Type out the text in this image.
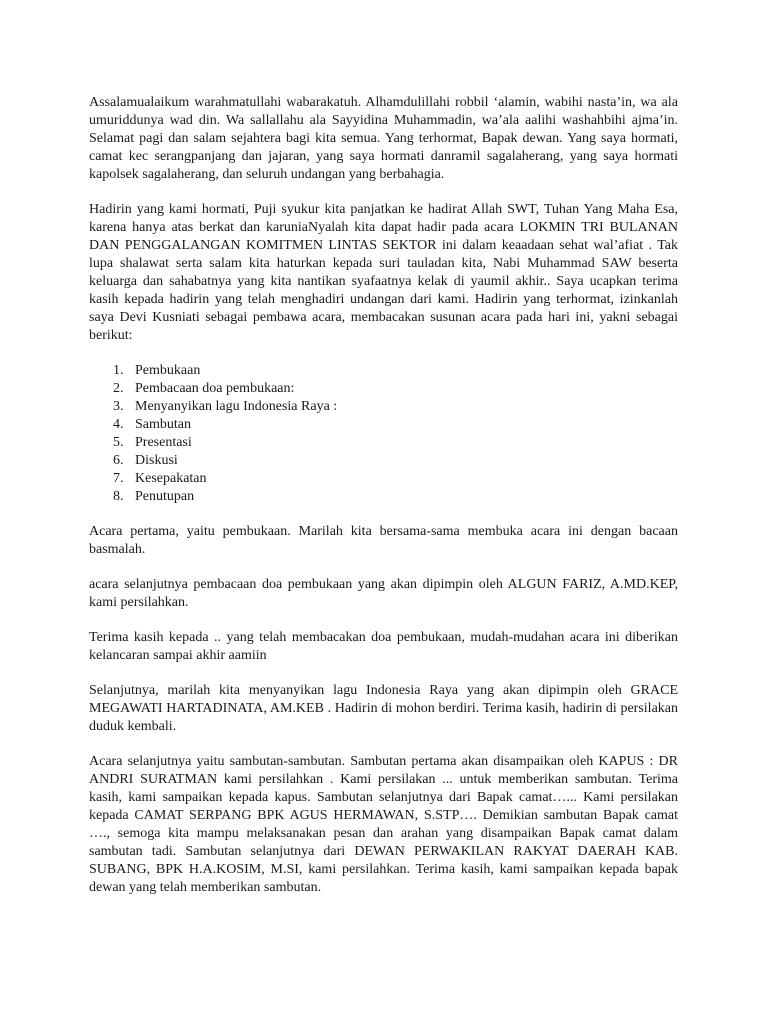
Assalamualaikum warahmatullahi wabarakatuh. Alhamdulillahi robbil ‘alamin, wabihi nasta’in, wa ala umuriddunya wad din. Wa sallallahu ala Sayyidina Muhammadin, wa’ala aalihi washahbihi ajma’in. Selamat pagi dan salam sejahtera bagi kita semua. Yang terhormat, Bapak dewan. Yang saya hormati, camat kec serangpanjang dan jajaran, yang saya hormati danramil sagalaherang, yang saya hormati kapolsek sagalaherang, dan seluruh undangan yang berbahagia.

Hadirin yang kami hormati, Puji syukur kita panjatkan ke hadirat Allah SWT, Tuhan Yang Maha Esa, karena hanya atas berkat dan karuniaNyalah kita dapat hadir pada acara LOKMIN TRI BULANAN DAN PENGGALANGAN KOMITMEN LINTAS SEKTOR ini dalam keaadaan sehat wal’afiat . Tak lupa shalawat serta salam kita haturkan kepada suri tauladan kita, Nabi Muhammad SAW beserta keluarga dan sahabatnya yang kita nantikan syafaatnya kelak di yaumil akhir.. Saya ucapkan terima kasih kepada hadirin yang telah menghadiri undangan dari kami. Hadirin yang terhormat, izinkanlah saya Devi Kusniati sebagai pembawa acara, membacakan susunan acara pada hari ini, yakni sebagai berikut:

1. Pembukaan
2. Pembacaan doa pembukaan:
3. Menyanyikan lagu Indonesia Raya :
4. Sambutan
5. Presentasi
6. Diskusi
7. Kesepakatan
8. Penutupan

Acara pertama, yaitu pembukaan. Marilah kita bersama-sama membuka acara ini dengan bacaan basmalah.

acara selanjutnya pembacaan doa pembukaan yang akan dipimpin oleh ALGUN FARIZ, A.MD.KEP, kami persilahkan.

Terima kasih kepada .. yang telah membacakan doa pembukaan, mudah-mudahan acara ini diberikan kelancaran sampai akhir aamiin

Selanjutnya, marilah kita menyanyikan lagu Indonesia Raya yang akan dipimpin oleh GRACE MEGAWATI HARTADINATA, AM.KEB . Hadirin di mohon berdiri. Terima kasih, hadirin di persilakan duduk kembali.

Acara selanjutnya yaitu sambutan-sambutan. Sambutan pertama akan disampaikan oleh KAPUS : DR ANDRI SURATMAN kami persilahkan . Kami persilakan ... untuk memberikan sambutan. Terima kasih, kami sampaikan kepada kapus. Sambutan selanjutnya dari Bapak camat…... Kami persilakan kepada CAMAT SERPANG BPK AGUS HERMAWAN, S.STP…. Demikian sambutan Bapak camat …., semoga kita mampu melaksanakan pesan dan arahan yang disampaikan Bapak camat dalam sambutan tadi. Sambutan selanjutnya dari DEWAN PERWAKILAN RAKYAT DAERAH KAB. SUBANG, BPK H.A.KOSIM, M.SI, kami persilahkan. Terima kasih, kami sampaikan kepada bapak dewan yang telah memberikan sambutan.
